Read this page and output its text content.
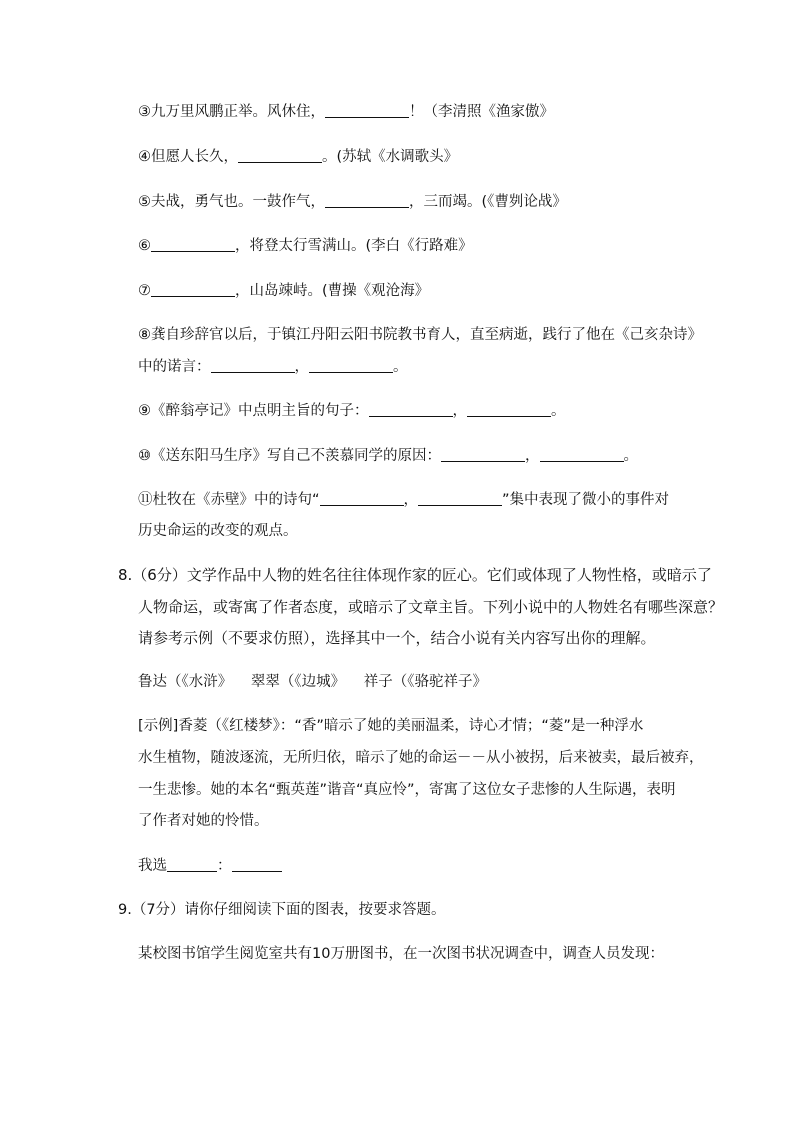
③九万里风鹏正举。风休住，	！（李清照《渔家傲》
④但愿人长久，	。(苏轼《水调歌头》
⑤夫战，勇气也。一鼓作气，	，三而竭。(《曹刿论战》
⑥	，将登太行雪满山。(李白《行路难》
⑦	，山岛竦峙。(曹操《观沧海》
⑧龚自珍辞官以后，于镇江丹阳云阳书院教书育人，直至病逝，践行了他在《己亥杂诗》
中的诺言：	，	。
⑨《醉翁亭记》中点明主旨的句子：	，	。
⑩《送东阳马生序》写自己不羡慕同学的原因：	，	。
⑪杜牧在《赤壁》中的诗句“	，	”集中表现了微小的事件对
历史命运的改变的观点。
8.（6分）文学作品中人物的姓名往往体现作家的匠心。它们或体现了人物性格，或暗示了
人物命运，或寄寓了作者态度，或暗示了文章主旨。下列小说中的人物姓名有哪些深意？
请参考示例（不要求仿照），选择其中一个，结合小说有关内容写出你的理解。
鲁达（《水浒》 翠翠（《边城》 祥子（《骆驼祥子》
[示例]香菱（《红楼梦》：“香”暗示了她的美丽温柔，诗心才情；“菱”是一种浮水
水生植物，随波逐流，无所归依，暗示了她的命运－－从小被拐，后来被卖，最后被弃，
一生悲惨。她的本名“甄英莲”谐音“真应怜”，寄寓了这位女子悲惨的人生际遇，表明
了作者对她的怜惜。
我选	：
9.（7分）请你仔细阅读下面的图表，按要求答题。
某校图书馆学生阅览室共有10万册图书，在一次图书状况调查中，调查人员发现：
